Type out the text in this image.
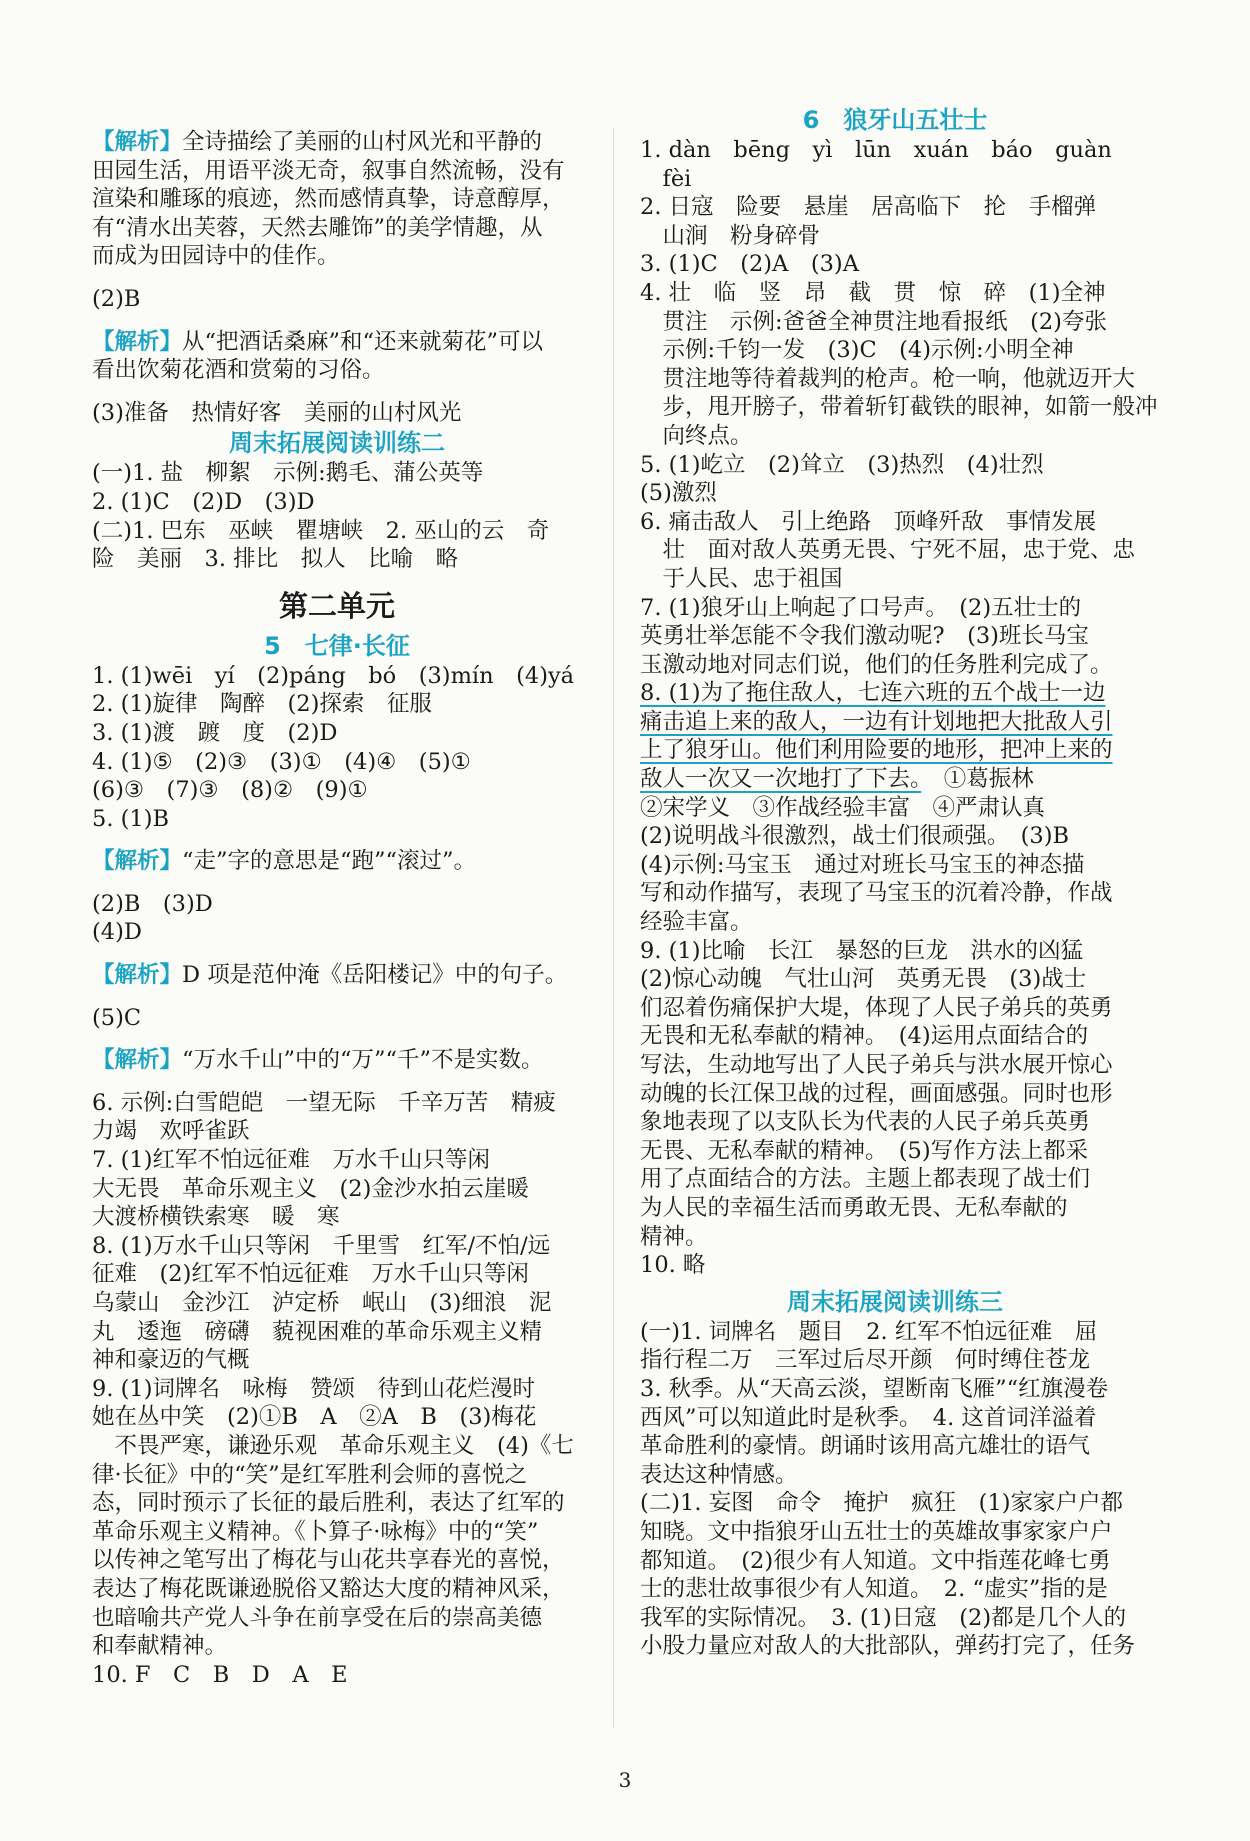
【解析】全诗描绘了美丽的山村风光和平静的
田园生活，用语平淡无奇，叙事自然流畅，没有
渲染和雕琢的痕迹，然而感情真挚，诗意醇厚，
有“清水出芙蓉，天然去雕饰”的美学情趣，从
而成为田园诗中的佳作。
(2)B
【解析】从“把酒话桑麻”和“还来就菊花”可以
看出饮菊花酒和赏菊的习俗。
(3)准备　热情好客　美丽的山村风光
周末拓展阅读训练二
(一)1. 盐　柳絮　示例:鹅毛、蒲公英等
2. (1)C　(2)D　(3)D
(二)1. 巴东　巫峡　瞿塘峡　2. 巫山的云　奇
险　美丽　3. 排比　拟人　比喻　略
第二单元
5　七律·长征
1. (1)wēi　yí　(2)páng　bó　(3)mín　(4)yá
2. (1)旋律　陶醉　(2)探索　征服
3. (1)渡　踱　度　(2)D
4. (1)⑤　(2)③　(3)①　(4)④　(5)①
(6)③　(7)③　(8)②　(9)①
5. (1)B
【解析】“走”字的意思是“跑”“滚过”。
(2)B　(3)D
(4)D
【解析】D 项是范仲淹《岳阳楼记》中的句子。
(5)C
【解析】“万水千山”中的“万”“千”不是实数。
6. 示例:白雪皑皑　一望无际　千辛万苦　精疲
力竭　欢呼雀跃
7. (1)红军不怕远征难　万水千山只等闲
大无畏　革命乐观主义　(2)金沙水拍云崖暖
大渡桥横铁索寒　暖　寒
8. (1)万水千山只等闲　千里雪　红军/不怕/远
征难　(2)红军不怕远征难　万水千山只等闲
乌蒙山　金沙江　泸定桥　岷山　(3)细浪　泥
丸　逶迤　磅礴　藐视困难的革命乐观主义精
神和豪迈的气概
9. (1)词牌名　咏梅　赞颂　待到山花烂漫时
她在丛中笑　(2)①B　A　②A　B　(3)梅花
　不畏严寒，谦逊乐观　革命乐观主义　(4)《七
律·长征》中的“笑”是红军胜利会师的喜悦之
态，同时预示了长征的最后胜利，表达了红军的
革命乐观主义精神。《卜算子·咏梅》中的“笑”
以传神之笔写出了梅花与山花共享春光的喜悦，
表达了梅花既谦逊脱俗又豁达大度的精神风采，
也暗喻共产党人斗争在前享受在后的崇高美德
和奉献精神。
10. F　C　B　D　A　E
6　狼牙山五壮士
1. dàn　bēng　yì　lūn　xuán　báo　guàn
　fèi
2. 日寇　险要　悬崖　居高临下　抡　手榴弹
　山涧　粉身碎骨
3. (1)C　(2)A　(3)A
4. 壮　临　竖　昂　截　贯　惊　碎　(1)全神
　贯注　示例:爸爸全神贯注地看报纸　(2)夸张
　示例:千钧一发　(3)C　(4)示例:小明全神
　贯注地等待着裁判的枪声。枪一响，他就迈开大
　步，甩开膀子，带着斩钉截铁的眼神，如箭一般冲
　向终点。
5. (1)屹立　(2)耸立　(3)热烈　(4)壮烈
(5)激烈
6. 痛击敌人　引上绝路　顶峰歼敌　事情发展
　壮　面对敌人英勇无畏、宁死不屈，忠于党、忠
　于人民、忠于祖国
7. (1)狼牙山上响起了口号声。　(2)五壮士的
英勇壮举怎能不令我们激动呢?　(3)班长马宝
玉激动地对同志们说，他们的任务胜利完成了。
8. (1)为了拖住敌人，七连六班的五个战士一边
痛击追上来的敌人，一边有计划地把大批敌人引
上了狼牙山。他们利用险要的地形，把冲上来的
敌人一次又一次地打了下去。　①葛振林
②宋学义　③作战经验丰富　④严肃认真
(2)说明战斗很激烈，战士们很顽强。　(3)B
(4)示例:马宝玉　通过对班长马宝玉的神态描
写和动作描写，表现了马宝玉的沉着冷静，作战
经验丰富。
9. (1)比喻　长江　暴怒的巨龙　洪水的凶猛
(2)惊心动魄　气壮山河　英勇无畏　(3)战士
们忍着伤痛保护大堤，体现了人民子弟兵的英勇
无畏和无私奉献的精神。　(4)运用点面结合的
写法，生动地写出了人民子弟兵与洪水展开惊心
动魄的长江保卫战的过程，画面感强。同时也形
象地表现了以支队长为代表的人民子弟兵英勇
无畏、无私奉献的精神。　(5)写作方法上都采
用了点面结合的方法。主题上都表现了战士们
为人民的幸福生活而勇敢无畏、无私奉献的
精神。
10. 略
周末拓展阅读训练三
(一)1. 词牌名　题目　2. 红军不怕远征难　屈
指行程二万　三军过后尽开颜　何时缚住苍龙
3. 秋季。从“天高云淡，望断南飞雁”“红旗漫卷
西风”可以知道此时是秋季。　4. 这首词洋溢着
革命胜利的豪情。朗诵时该用高亢雄壮的语气
表达这种情感。
(二)1. 妄图　命令　掩护　疯狂　(1)家家户户都
知晓。文中指狼牙山五壮士的英雄故事家家户户
都知道。　(2)很少有人知道。文中指莲花峰七勇
士的悲壮故事很少有人知道。　2. “虚实”指的是
我军的实际情况。　3. (1)日寇　(2)都是几个人的
小股力量应对敌人的大批部队，弹药打完了，任务
3
